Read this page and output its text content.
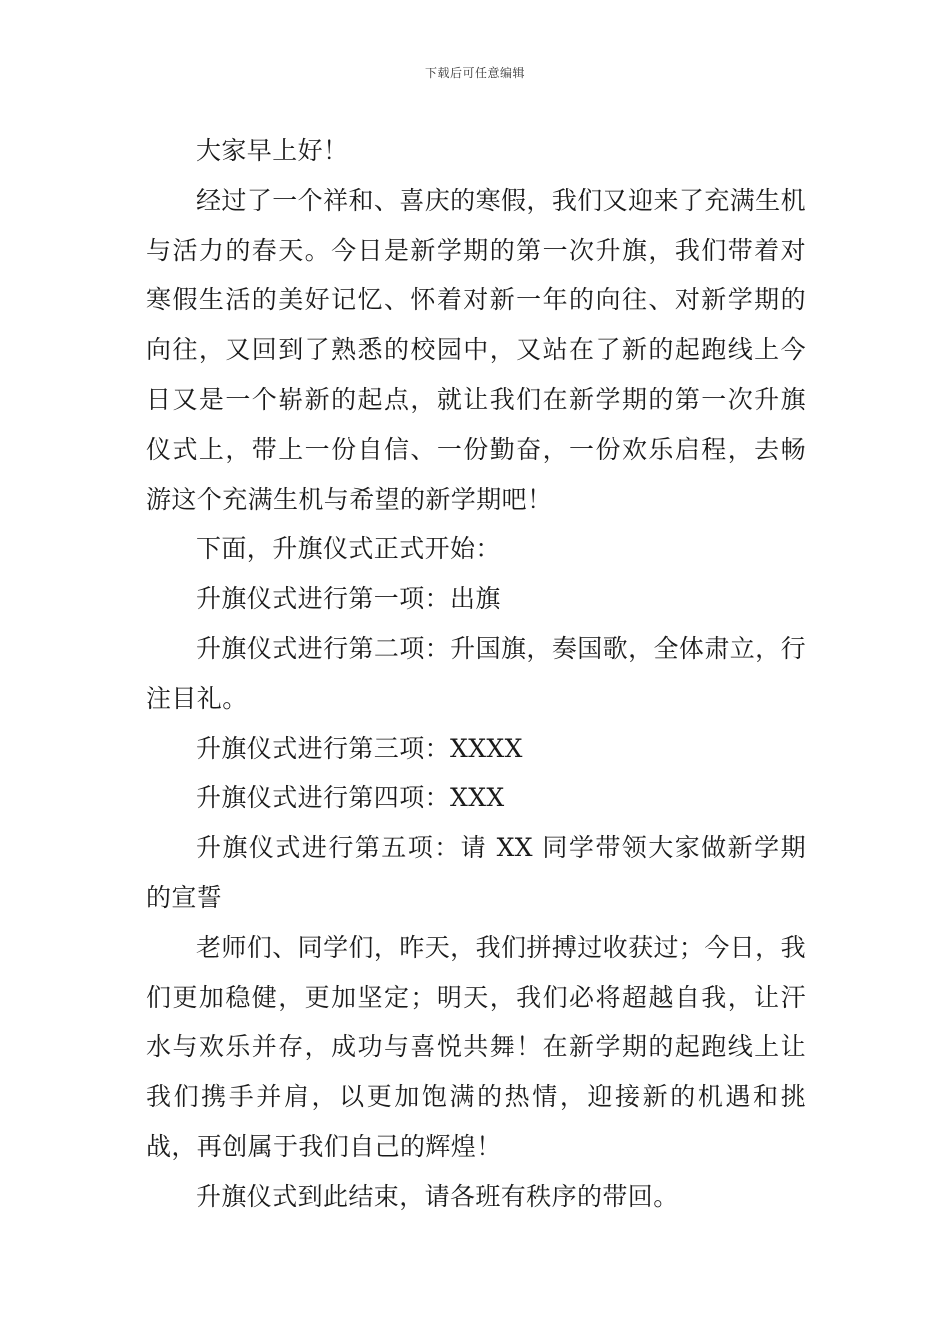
下载后可任意编辑

大家早上好！

经过了一个祥和、喜庆的寒假，我们又迎来了充满生机与活力的春天。今日是新学期的第一次升旗，我们带着对寒假生活的美好记忆、怀着对新一年的向往、对新学期的向往，又回到了熟悉的校园中，又站在了新的起跑线上今日又是一个崭新的起点，就让我们在新学期的第一次升旗仪式上，带上一份自信、一份勤奋，一份欢乐启程，去畅游这个充满生机与希望的新学期吧！

下面，升旗仪式正式开始：

升旗仪式进行第一项：出旗

升旗仪式进行第二项：升国旗，奏国歌，全体肃立，行注目礼。

升旗仪式进行第三项：XXXX

升旗仪式进行第四项：XXX

升旗仪式进行第五项：请 XX 同学带领大家做新学期的宣誓

老师们、同学们，昨天，我们拼搏过收获过；今日，我们更加稳健，更加坚定；明天，我们必将超越自我，让汗水与欢乐并存，成功与喜悦共舞！在新学期的起跑线上让我们携手并肩，以更加饱满的热情，迎接新的机遇和挑战，再创属于我们自己的辉煌！

升旗仪式到此结束，请各班有秩序的带回。
